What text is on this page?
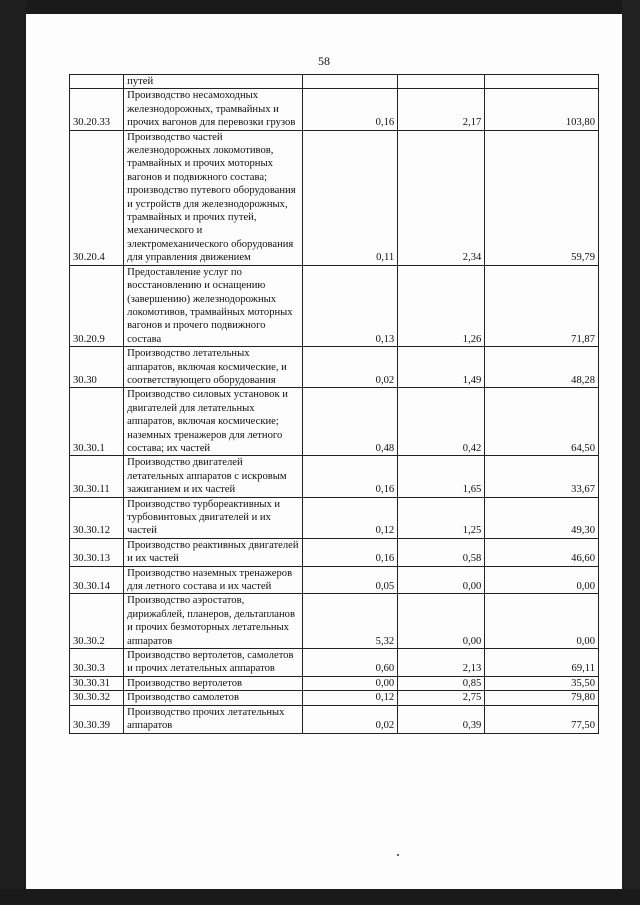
58
	путей			
30.20.33	Производство несамоходных железнодорожных, трамвайных и прочих вагонов для перевозки грузов	0,16	2,17	103,80
30.20.4	Производство частей железнодорожных локомотивов, трамвайных и прочих моторных вагонов и подвижного состава; производство путевого оборудования и устройств для железнодорожных, трамвайных и прочих путей, механического и электромеханического оборудования для управления движением	0,11	2,34	59,79
30.20.9	Предоставление услуг по восстановлению и оснащению (завершению) железнодорожных локомотивов, трамвайных моторных вагонов и прочего подвижного состава	0,13	1,26	71,87
30.30	Производство летательных аппаратов, включая космические, и соответствующего оборудования	0,02	1,49	48,28
30.30.1	Производство силовых установок и двигателей для летательных аппаратов, включая космические; наземных тренажеров для летного состава; их частей	0,48	0,42	64,50
30.30.11	Производство двигателей летательных аппаратов с искровым зажиганием и их частей	0,16	1,65	33,67
30.30.12	Производство турбореактивных и турбовинтовых двигателей и их частей	0,12	1,25	49,30
30.30.13	Производство реактивных двигателей и их частей	0,16	0,58	46,60
30.30.14	Производство наземных тренажеров для летного состава и их частей	0,05	0,00	0,00
30.30.2	Производство аэростатов, дирижаблей, планеров, дельтапланов и прочих безмоторных летательных аппаратов	5,32	0,00	0,00
30.30.3	Производство вертолетов, самолетов и прочих летательных аппаратов	0,60	2,13	69,11
30.30.31	Производство вертолетов	0,00	0,85	35,50
30.30.32	Производство самолетов	0,12	2,75	79,80
30.30.39	Производство прочих летательных аппаратов	0,02	0,39	77,50
